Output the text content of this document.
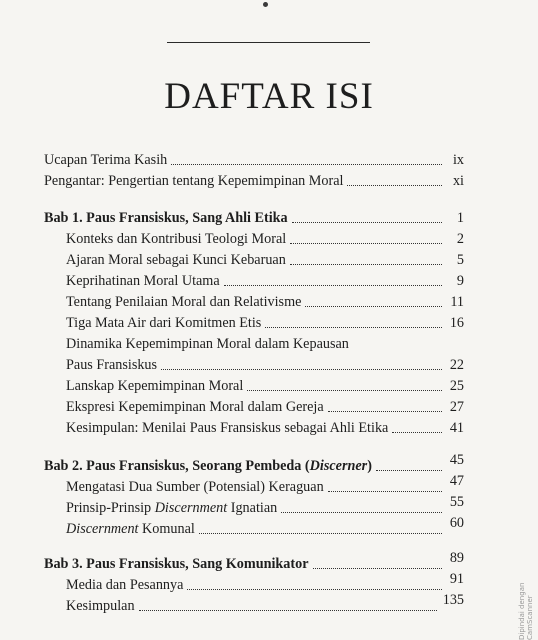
DAFTAR ISI
Ucapan Terima Kasih	ix
Pengantar: Pengertian tentang Kepemimpinan Moral	xi
Bab 1. Paus Fransiskus, Sang Ahli Etika	1
Konteks dan Kontribusi Teologi Moral	2
Ajaran Moral sebagai Kunci Kebaruan	5
Keprihatinan Moral Utama	9
Tentang Penilaian Moral dan Relativisme	11
Tiga Mata Air dari Komitmen Etis	16
Dinamika Kepemimpinan Moral dalam Kepausan
Paus Fransiskus	22
Lanskap Kepemimpinan Moral	25
Ekspresi Kepemimpinan Moral dalam Gereja	27
Kesimpulan: Menilai Paus Fransiskus sebagai Ahli Etika	41
Bab 2. Paus Fransiskus, Seorang Pembeda (Discerner)	45
Mengatasi Dua Sumber (Potensial) Keraguan	47
Prinsip-Prinsip Discernment Ignatian	55
Discernment Komunal	60
Bab 3. Paus Fransiskus, Sang Komunikator	89
Media dan Pesannya	91
Kesimpulan	135	Dipindai dengan CamScanner
